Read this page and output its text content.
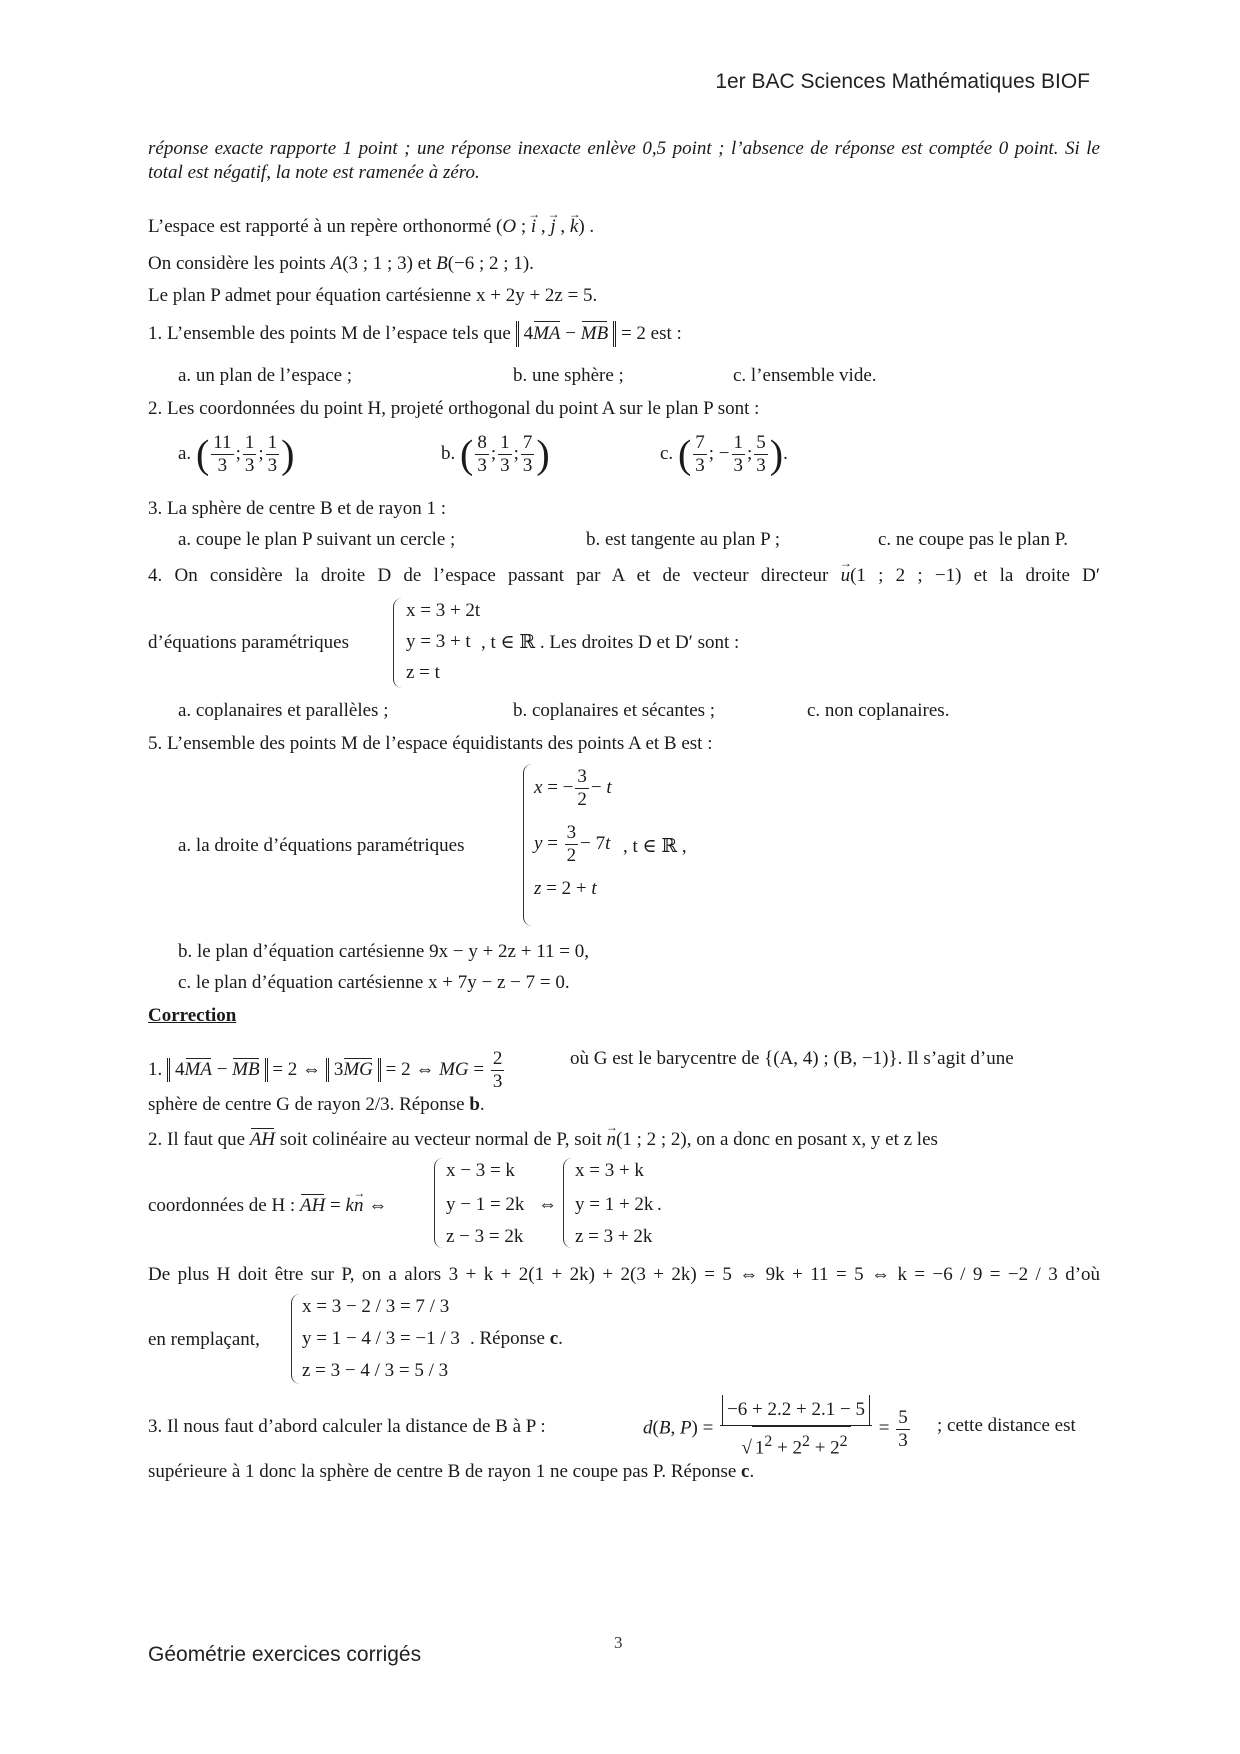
1er BAC Sciences Mathématiques BIOF
réponse exacte rapporte 1 point ; une réponse inexacte enlève 0,5 point ; l’absence de réponse est comptée 0 point. Si le
total est négatif, la note est ramenée à zéro.
L’espace est rapporté à un repère orthonormé (O ; → i , → j , → k) .
On considère les points A(3 ; 1 ; 3) et B(−6 ; 2 ; 1).
Le plan P admet pour équation cartésienne x + 2y + 2z = 5.
1. L’ensemble des points M de l’espace tels que 4MA − MB = 2 est :
a. un plan de l’espace ;	b. une sphère ;	c. l’ensemble vide.
2. Les coordonnées du point H, projeté orthogonal du point A sur le plan P sont :
a. ( $\frac{11}{3}$ ; $\frac{1}{3}$ ; $\frac{1}{3}$ )	b. ( $\frac{8}{3}$ ; $\frac{1}{3}$ ; $\frac{7}{3}$ )	c. ( $\frac{7}{3}$ ; − $\frac{1}{3}$ ; $\frac{5}{3}$ ).
3. La sphère de centre B et de rayon 1 :
a. coupe le plan P suivant un cercle ;	b. est tangente au plan P ;	c. ne coupe pas le plan P.
4. On considère la droite D de l’espace passant par A et de vecteur directeur → u(1 ; 2 ; −1) et la droite D′
d’équations paramétriques
x = 3 + 2t
y = 3 + t
z = t
, t ∈ ℝ . Les droites D et D′ sont :
a. coplanaires et parallèles ;	b. coplanaires et sécantes ;	c. non coplanaires.
5. L’ensemble des points M de l’espace équidistants des points A et B est :
a. la droite d’équations paramétriques
x = − $\frac{3}{2} - t$
$y = \frac{3}{2} - 7t$
z = 2 + t
, t ∈ ℝ ,
b. le plan d’équation cartésienne 9x − y + 2z + 11 = 0,
c. le plan d’équation cartésienne x + 7y − z − 7 = 0.
Correction
1. 4MA − MB = 2 ⇔ 3MG = 2 ⇔ MG = $\frac{2}{3}$	où G est le barycentre de {(A, 4) ; (B, −1)}. Il s’agit d’une
sphère de centre G de rayon 2/3. Réponse b.
2. Il faut que AH soit colinéaire au vecteur normal de P, soit → n(1 ; 2 ; 2), on a donc en posant x, y et z les
coordonnées de H : AH = k→ n ⇔
x − 3 = k
y − 1 = 2k
z − 3 = 2k
⇔
x = 3 + k
y = 1 + 2k
z = 3 + 2k
.
De plus H doit être sur P, on a alors 3 + k + 2(1 + 2k) + 2(3 + 2k) = 5 ⇔ 9k + 11 = 5 ⇔ k = −6 / 9 = −2 / 3 d’où
en remplaçant,
x = 3 − 2 / 3 = 7 / 3
y = 1 − 4 / 3 = −1 / 3
z = 3 − 4 / 3 = 5 / 3
. Réponse c.
3. Il nous faut d’abord calculer la distance de B à P :	d(B, $P) = \frac{-6 + 2.2 + 2.1 - 5}{√ 1^2 + 2^2 + 2^2} = \frac{5}{3}$ ; cette distance est
supérieure à 1 donc la sphère de centre B de rayon 1 ne coupe pas P. Réponse c.
3
Géométrie exercices corrigés
